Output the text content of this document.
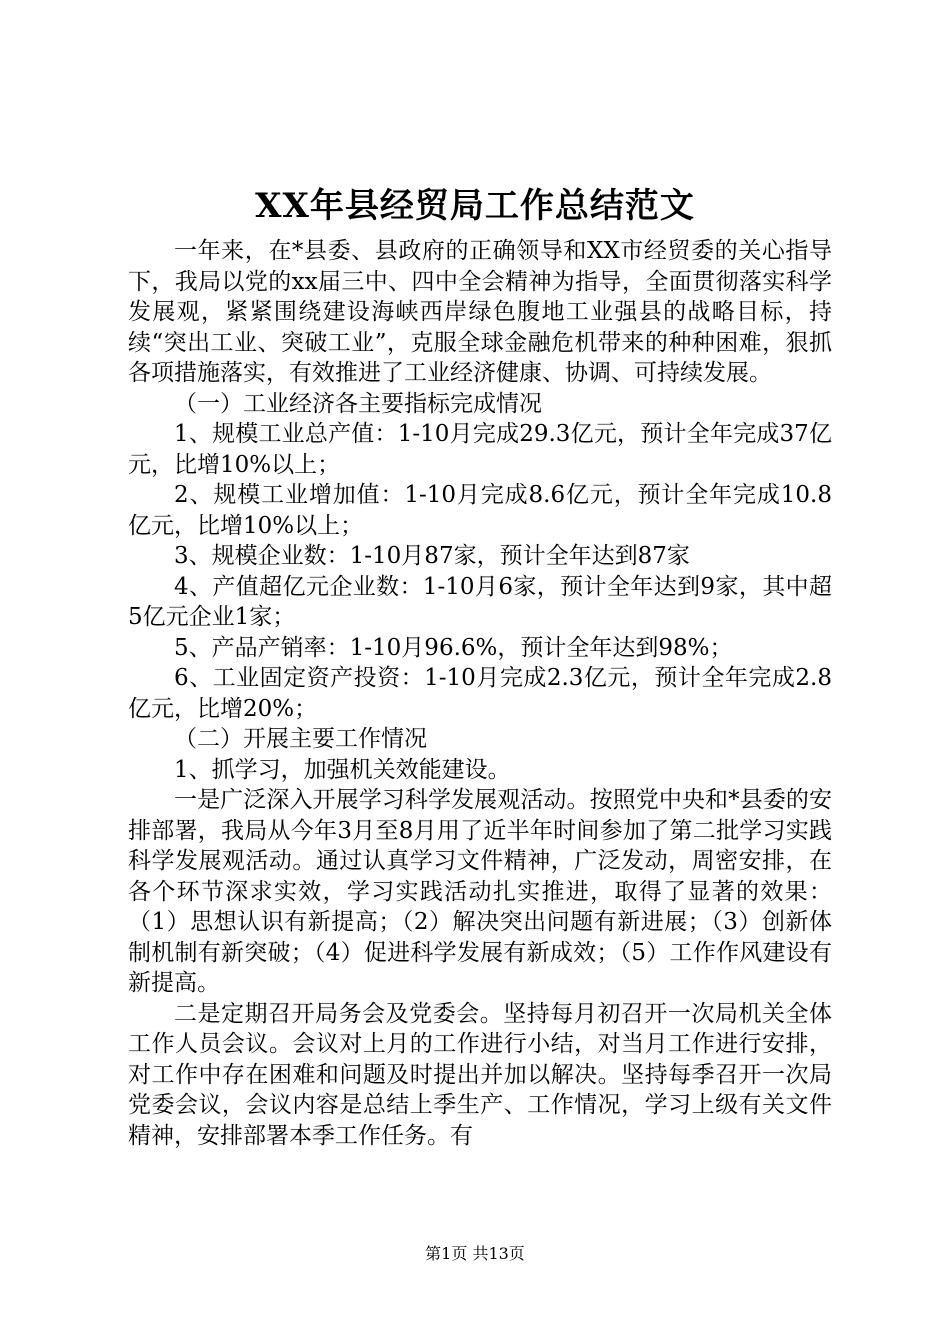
XX年县经贸局工作总结范文

一年来，在*县委、县政府的正确领导和XX市经贸委的关心指导下，我局以党的xx届三中、四中全会精神为指导，全面贯彻落实科学发展观，紧紧围绕建设海峡西岸绿色腹地工业强县的战略目标，持续“突出工业、突破工业”，克服全球金融危机带来的种种困难，狠抓各项措施落实，有效推进了工业经济健康、协调、可持续发展。

（一）工业经济各主要指标完成情况

1、规模工业总产值：1-10月完成29.3亿元，预计全年完成37亿元，比增10%以上；

2、规模工业增加值：1-10月完成8.6亿元，预计全年完成10.8亿元，比增10%以上；

3、规模企业数：1-10月87家，预计全年达到87家

4、产值超亿元企业数：1-10月6家，预计全年达到9家，其中超5亿元企业1家；

5、产品产销率：1-10月96.6%，预计全年达到98%；

6、工业固定资产投资：1-10月完成2.3亿元，预计全年完成2.8亿元，比增20%；

（二）开展主要工作情况

1、抓学习，加强机关效能建设。

一是广泛深入开展学习科学发展观活动。按照党中央和*县委的安排部署，我局从今年3月至8月用了近半年时间参加了第二批学习实践科学发展观活动。通过认真学习文件精神，广泛发动，周密安排，在各个环节深求实效，学习实践活动扎实推进，取得了显著的效果：（1）思想认识有新提高；（2）解决突出问题有新进展；（3）创新体制机制有新突破；（4）促进科学发展有新成效；（5）工作作风建设有新提高。

二是定期召开局务会及党委会。坚持每月初召开一次局机关全体工作人员会议。会议对上月的工作进行小结，对当月工作进行安排，对工作中存在困难和问题及时提出并加以解决。坚持每季召开一次局党委会议，会议内容是总结上季生产、工作情况，学习上级有关文件精神，安排部署本季工作任务。有

第1页 共13页
